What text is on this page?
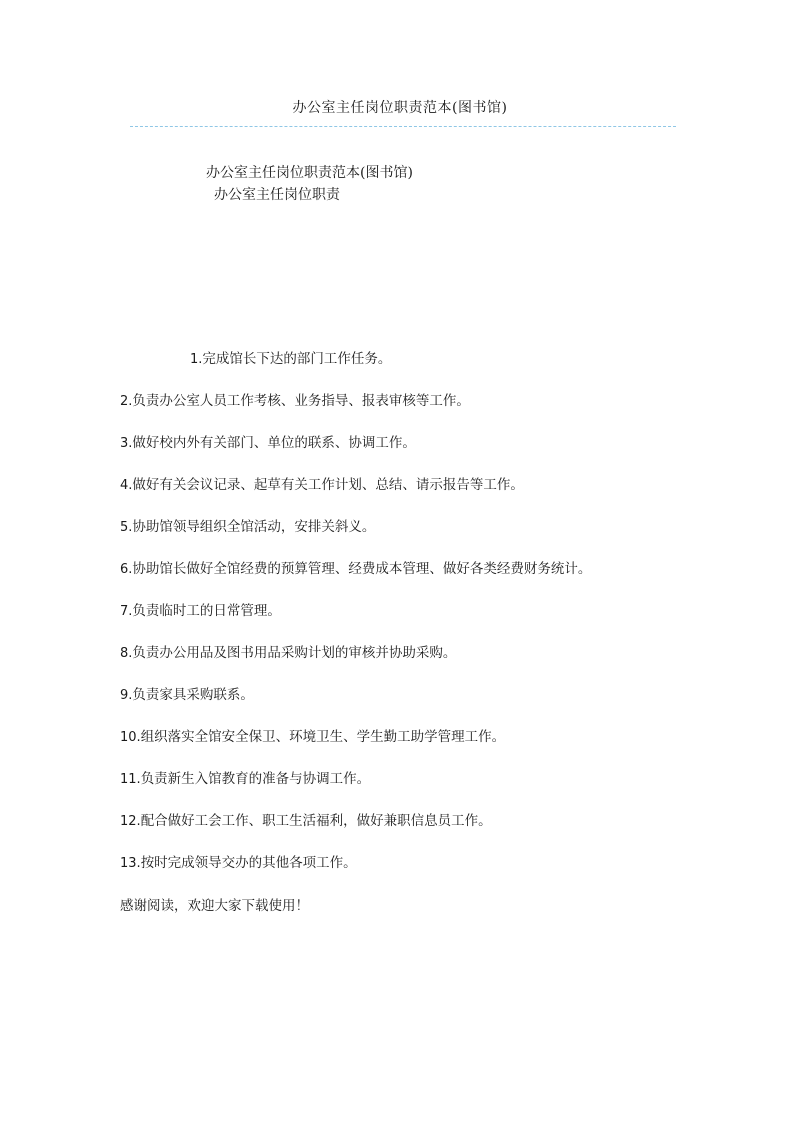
办公室主任岗位职责范本(图书馆)
办公室主任岗位职责范本(图书馆)
办公室主任岗位职责
1.完成馆长下达的部门工作任务。
2.负责办公室人员工作考核、业务指导、报表审核等工作。
3.做好校内外有关部门、单位的联系、协调工作。
4.做好有关会议记录、起草有关工作计划、总结、请示报告等工作。
5.协助馆领导组织全馆活动，安排关斜义。
6.协助馆长做好全馆经费的预算管理、经费成本管理、做好各类经费财务统计。
7.负责临时工的日常管理。
8.负责办公用品及图书用品采购计划的审核并协助采购。
9.负责家具采购联系。
10.组织落实全馆安全保卫、环境卫生、学生勤工助学管理工作。
11.负责新生入馆教育的准备与协调工作。
12.配合做好工会工作、职工生活福利，做好兼职信息员工作。
13.按时完成领导交办的其他各项工作。
感谢阅读，欢迎大家下载使用！
